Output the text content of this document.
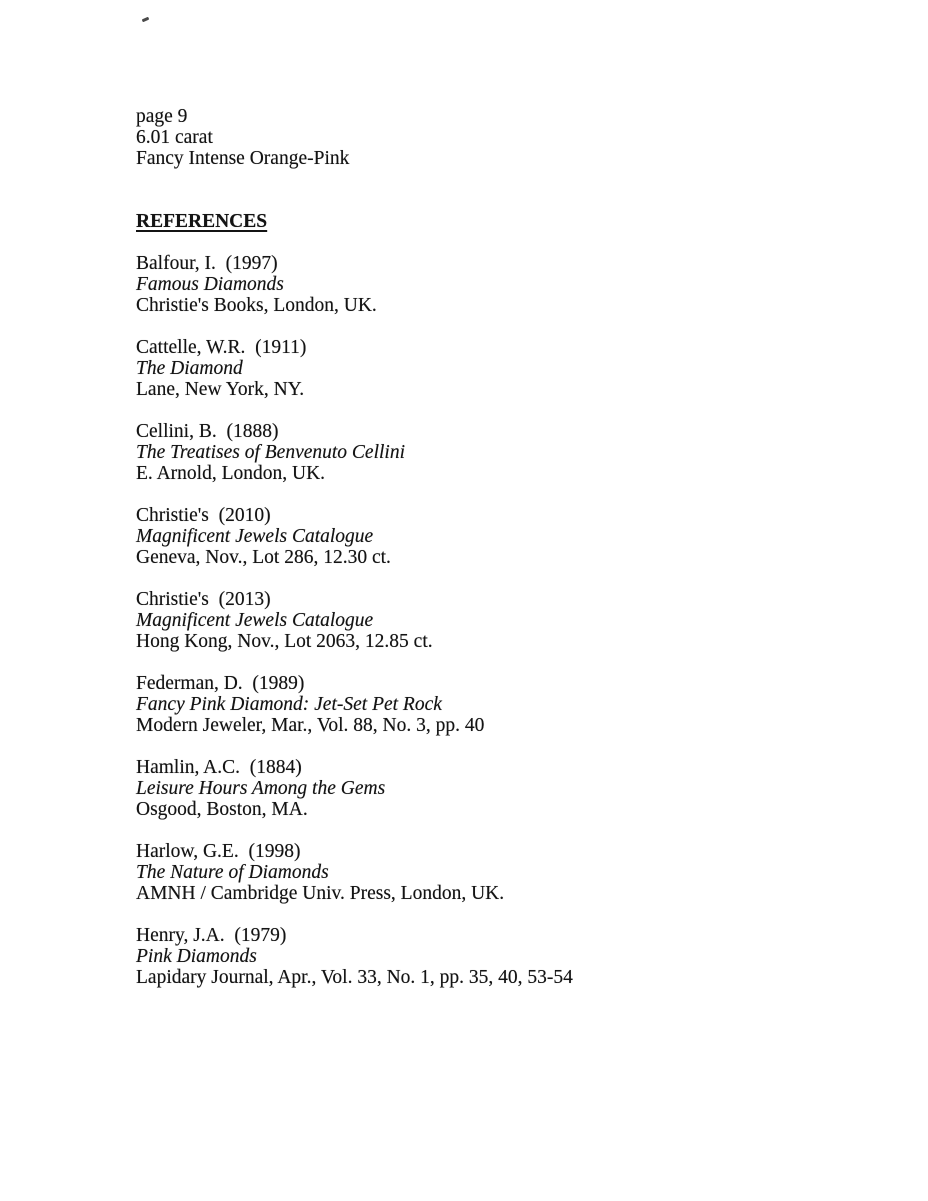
page 9
6.01 carat
Fancy Intense Orange-Pink
REFERENCES
Balfour, I.  (1997)
Famous Diamonds
Christie's Books, London, UK.
Cattelle, W.R.  (1911)
The Diamond
Lane, New York, NY.
Cellini, B.  (1888)
The Treatises of Benvenuto Cellini
E. Arnold, London, UK.
Christie's  (2010)
Magnificent Jewels Catalogue
Geneva, Nov., Lot 286, 12.30 ct.
Christie's  (2013)
Magnificent Jewels Catalogue
Hong Kong, Nov., Lot 2063, 12.85 ct.
Federman, D.  (1989)
Fancy Pink Diamond: Jet-Set Pet Rock
Modern Jeweler, Mar., Vol. 88, No. 3, pp. 40
Hamlin, A.C.  (1884)
Leisure Hours Among the Gems
Osgood, Boston, MA.
Harlow, G.E.  (1998)
The Nature of Diamonds
AMNH / Cambridge Univ. Press, London, UK.
Henry, J.A.  (1979)
Pink Diamonds
Lapidary Journal, Apr., Vol. 33, No. 1, pp. 35, 40, 53-54
